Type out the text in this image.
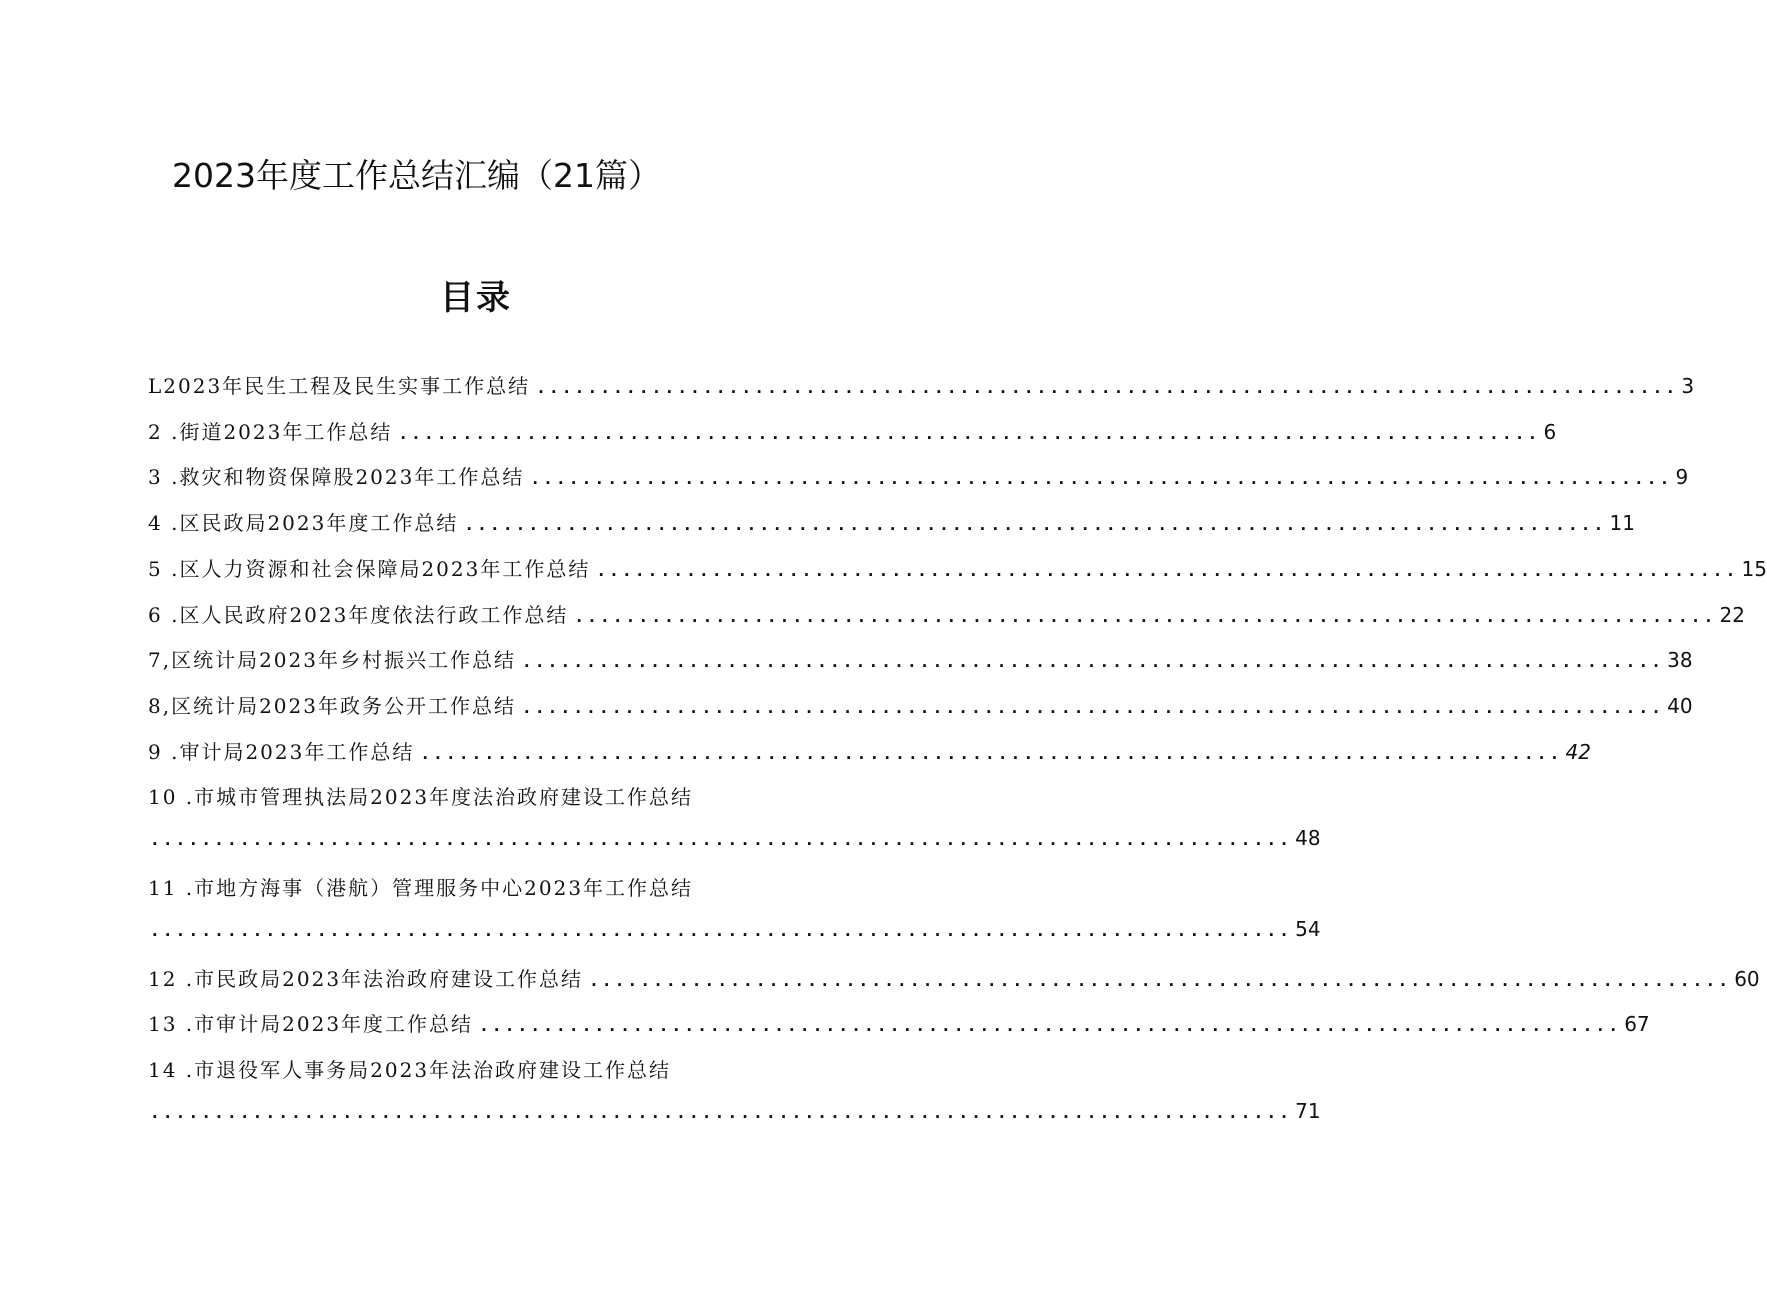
2023年度工作总结汇编（21篇）
目录
L2023年民生工程及民生实事工作总结 ......................................................................................... 3
2 .街道2023年工作总结 ......................................................................................... 6
3 .救灾和物资保障股2023年工作总结 ......................................................................................... 9
4 .区民政局2023年度工作总结 ......................................................................................... 11
5 .区人力资源和社会保障局2023年工作总结 ......................................................................................... 15
6 .区人民政府2023年度依法行政工作总结 ......................................................................................... 22
7,区统计局2023年乡村振兴工作总结 ......................................................................................... 38
8,区统计局2023年政务公开工作总结 ......................................................................................... 40
9 .审计局2023年工作总结 ......................................................................................... 42
10 .市城市管理执法局2023年度法治政府建设工作总结
......................................................................................... 48
11 .市地方海事（港航）管理服务中心2023年工作总结
......................................................................................... 54
12 .市民政局2023年法治政府建设工作总结 ......................................................................................... 60
13 .市审计局2023年度工作总结 ......................................................................................... 67
14 .市退役军人事务局2023年法治政府建设工作总结
......................................................................................... 71
